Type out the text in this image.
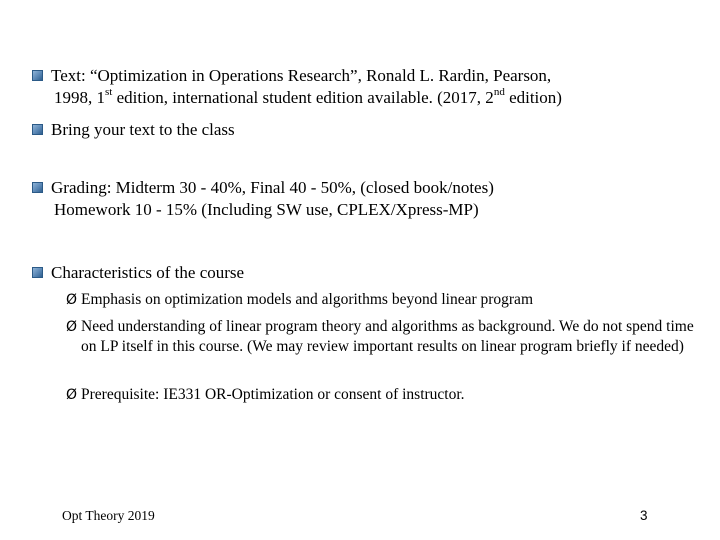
Text: “Optimization in Operations Research”, Ronald L. Rardin, Pearson,
1998, 1st edition, international student edition available. (2017, 2nd edition)
Bring your text to the class
Grading: Midterm 30 - 40%, Final 40 - 50%, (closed book/notes)
Homework 10 - 15% (Including SW use, CPLEX/Xpress-MP)
Characteristics of the course
Ø Emphasis on optimization models and algorithms beyond linear program
Ø Need understanding of linear program theory and algorithms as background. We do not spend time on LP itself in this course. (We may review important results on linear program briefly if needed)
Ø Prerequisite: IE331 OR-Optimization or consent of instructor.
Opt Theory 2019	3
